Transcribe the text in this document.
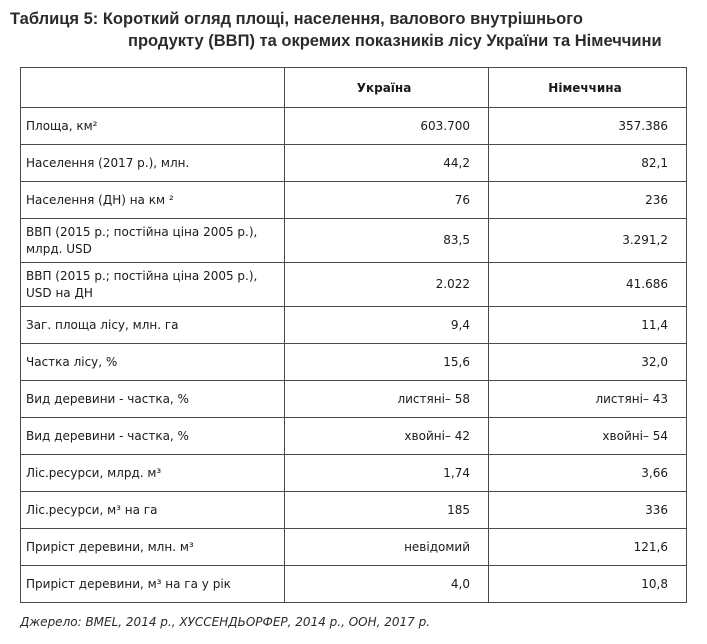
Таблиця 5: Короткий огляд площі, населення, валового внутрішнього
продукту (ВВП) та окремих показників лісу України та Німеччини
	Україна	Німеччина
Площа, км²	603.700	357.386
Населення (2017 р.), млн.	44,2	82,1
Населення (ДН) на км ²	76	236
ВВП (2015 р.; постійна ціна 2005 р.),
млрд. USD	83,5	3.291,2
ВВП (2015 р.; постійна ціна 2005 р.),
USD на ДН	2.022	41.686
Заг. площа лісу, млн. га	9,4	11,4
Частка лісу, %	15,6	32,0
Вид деревини - частка, %	листяні– 58	листяні– 43
Вид деревини - частка, %	хвойні– 42	хвойні– 54
Ліс.ресурси, млрд. м³	1,74	3,66
Ліс.ресурси, м³ на га	185	336
Приріст деревини, млн. м³	невідомий	121,6
Приріст деревини, м³ на га у рік	4,0	10,8
Джерело: BMEL, 2014 р., ХУССЕНДЬОРФЕР, 2014 р., ООН, 2017 р.
